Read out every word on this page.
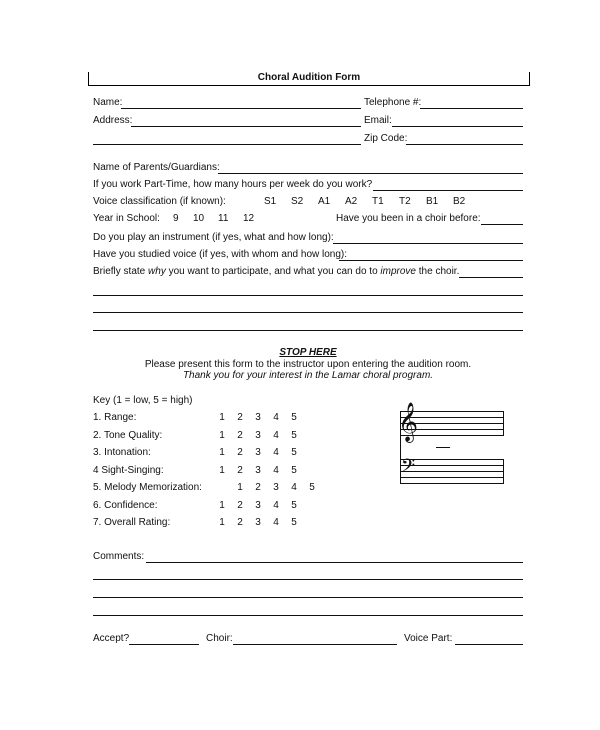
Choral Audition Form
Name:	Telephone #:
Address:	Email:
Zip Code:
Name of Parents/Guardians:
If you work Part-Time, how many hours per week do you work?
Voice classification (if known):	S1 S2 A1 A2 T1 T2 B1 B2
Year in School: 9 10 11 12	Have you been in a choir before:
Do you play an instrument (if yes, what and how long):
Have you studied voice (if yes, with whom and how long):
Briefly state why you want to participate, and what you can do to improve the choir.
STOP HERE
Please present this form to the instructor upon entering the audition room.
Thank you for your interest in the Lamar choral program.
Key (1 = low, 5 = high)
1. Range:	1 2 3 4 5
2. Tone Quality:	1 2 3 4 5
3. Intonation:	1 2 3 4 5
4 Sight-Singing:	1 2 3 4 5
5. Melody Memorization:	1 2 3 4 5
6. Confidence:	1 2 3 4 5
7. Overall Rating:	1 2 3 4 5
𝄞
𝄢
Comments:
Accept?	Choir:	Voice Part:
